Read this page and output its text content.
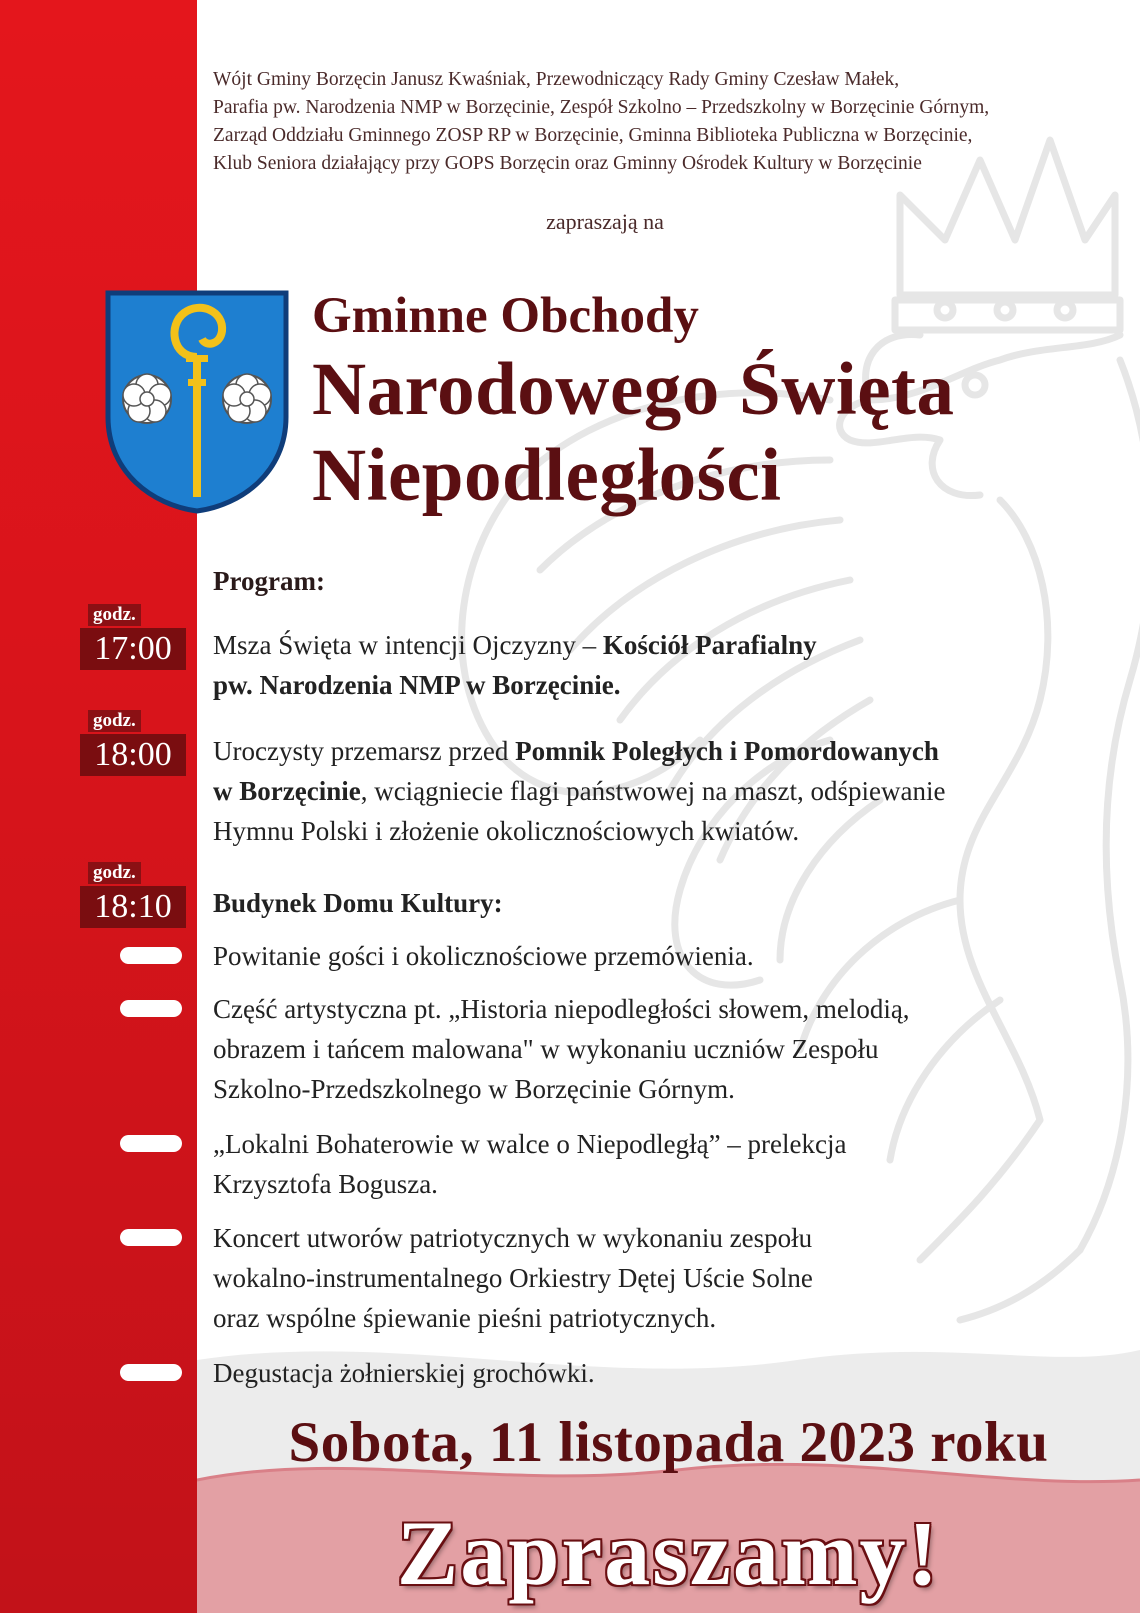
Wójt Gminy Borzęcin Janusz Kwaśniak, Przewodniczący Rady Gminy Czesław Małek,

Parafia pw. Narodzenia NMP w Borzęcinie, Zespół Szkolno – Przedszkolny w Borzęcinie Górnym,

Zarząd Oddziału Gminnego ZOSP RP w Borzęcinie, Gminna Biblioteka Publiczna w Borzęcinie,

Klub Seniora działający przy GOPS Borzęcin oraz Gminny Ośrodek Kultury w Borzęcinie

zapraszają na
Gminne Obchody
Narodowego Święta
Niepodległości
Program:
godz.
17:00
godz.
18:00
godz.
18:10

Msza Święta w intencji Ojczyzny – Kościół Parafialny

pw. Narodzenia NMP w Borzęcinie.

Uroczysty przemarsz przed Pomnik Poległych i Pomordowanych

w Borzęcinie, wciągniecie flagi państwowej na maszt, odśpiewanie

Hymnu Polski i złożenie okolicznościowych kwiatów.

Budynek Domu Kultury:

Powitanie gości i okolicznościowe przemówienia.

Część artystyczna pt. „Historia niepodległości słowem, melodią,

obrazem i tańcem malowana" w wykonaniu uczniów Zespołu

Szkolno-Przedszkolnego w Borzęcinie Górnym.

„Lokalni Bohaterowie w walce o Niepodległą” – prelekcja

Krzysztofa Bogusza.

Koncert utworów patriotycznych w wykonaniu zespołu

wokalno-instrumentalnego Orkiestry Dętej Uście Solne

oraz wspólne śpiewanie pieśni patriotycznych.

Degustacja żołnierskiej grochówki.

Sobota, 11 listopada 2023 roku
Zapraszamy!
